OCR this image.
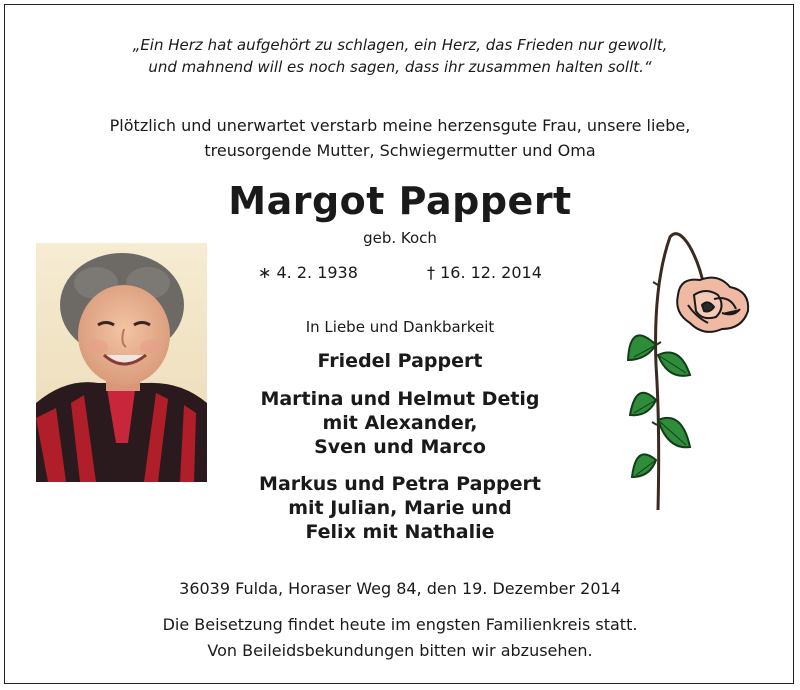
„Ein Herz hat aufgehört zu schlagen, ein Herz, das Frieden nur gewollt,
und mahnend will es noch sagen, dass ihr zusammen halten sollt.“
Plötzlich und unerwartet verstarb meine herzensgute Frau, unsere liebe,
treusorgende Mutter, Schwiegermutter und Oma
Margot Pappert
geb. Koch
∗ 4. 2. 1938	† 16. 12. 2014
In Liebe und Dankbarkeit
Friedel Pappert
Martina und Helmut Detig
mit Alexander,
Sven und Marco
Markus und Petra Pappert
mit Julian, Marie und
Felix mit Nathalie
36039 Fulda, Horaser Weg 84, den 19. Dezember 2014
Die Beisetzung findet heute im engsten Familienkreis statt.
Von Beileidsbekundungen bitten wir abzusehen.
